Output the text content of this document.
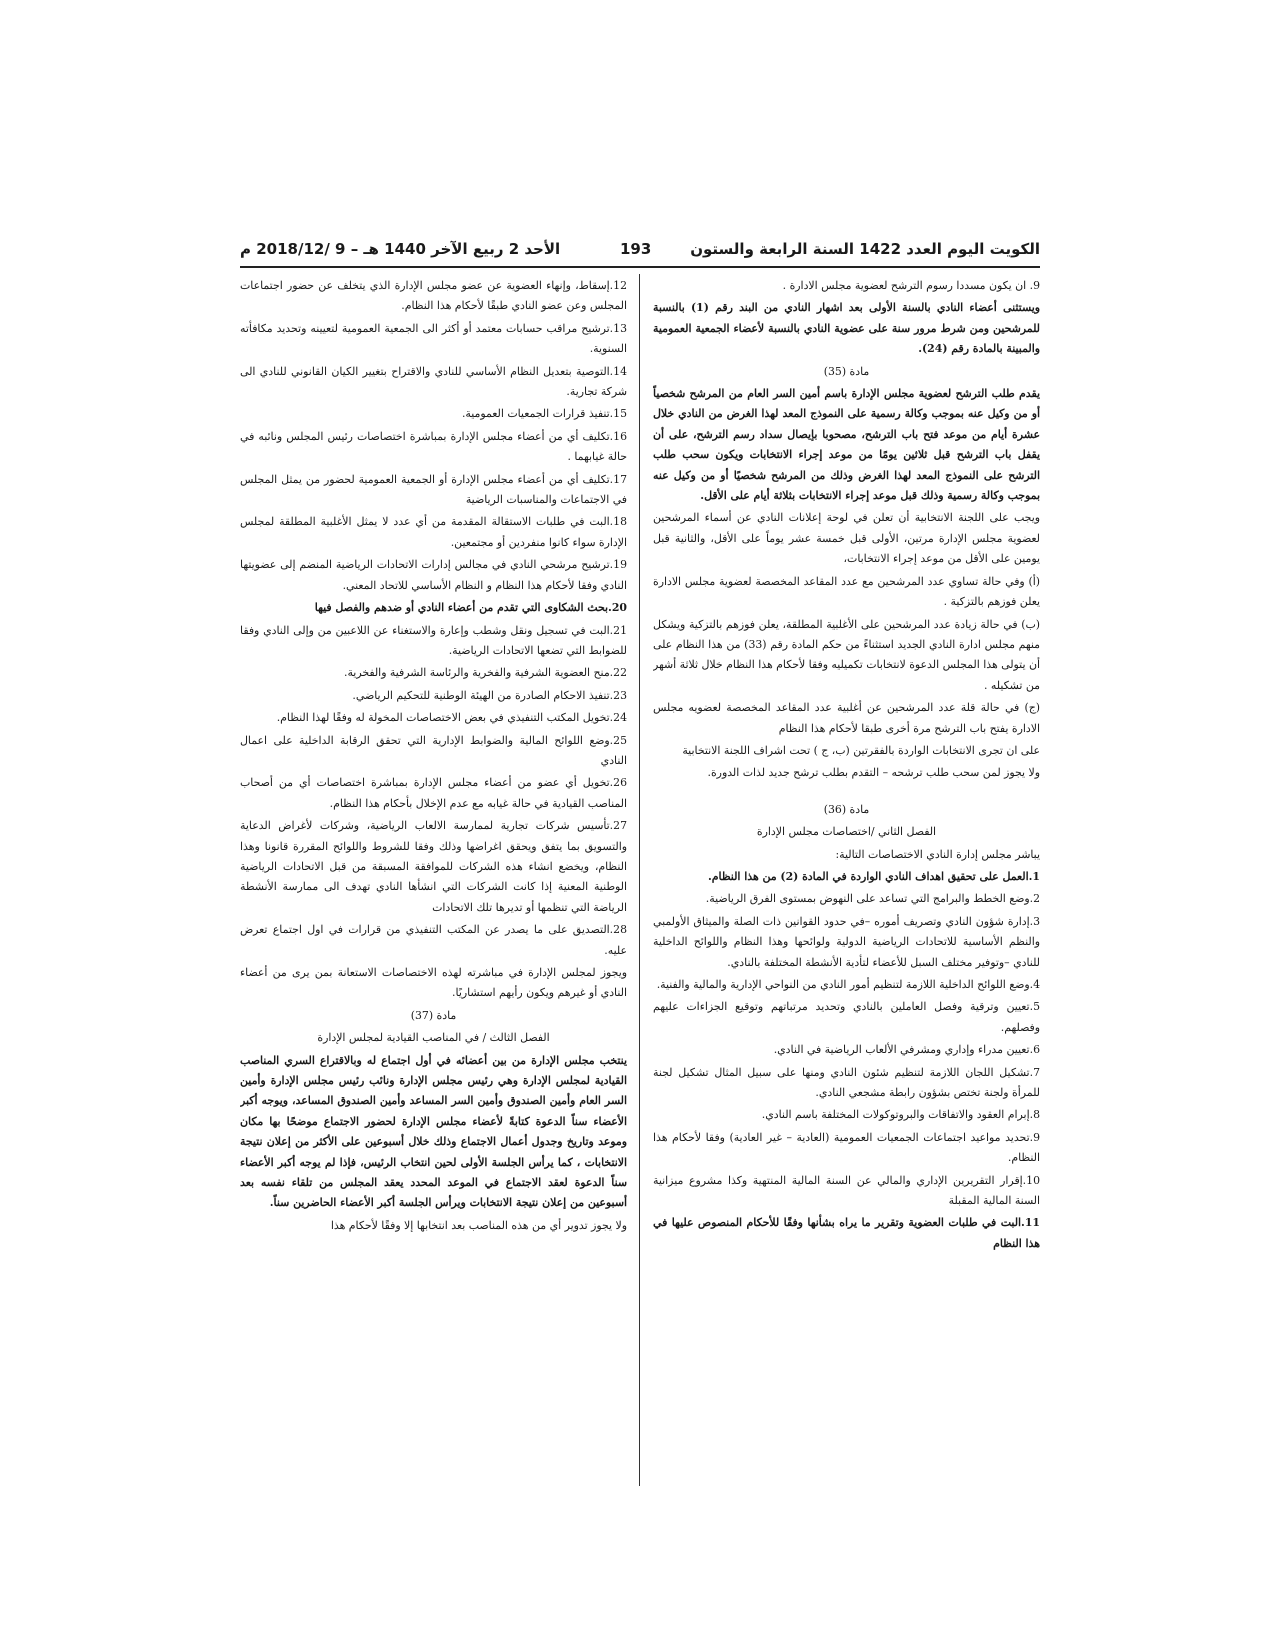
الأحد 2 ربيع الآخر 1440 هـ – 9 /2018/12 م	193	الكويت اليوم العدد 1422 السنة الرابعة والستون

9. ان يكون مسددا رسوم الترشح لعضوية مجلس الادارة .

ويستثنى أعضاء النادي بالسنة الأولى بعد اشهار النادي من البند رقم (1) بالنسبة للمرشحين ومن شرط مرور سنة على عضوية النادي بالنسبة لأعضاء الجمعية العمومية والمبينة بالمادة رقم (24).

مادة (35)

يقدم طلب الترشح لعضوية مجلس الإدارة باسم أمين السر العام من المرشح شخصياً أو من وكيل عنه بموجب وكالة رسمية على النموذج المعد لهذا الغرض من النادي خلال عشرة أيام من موعد فتح باب الترشح، مصحوبا بإيصال سداد رسم الترشح، على أن يقفل باب الترشح قبل ثلاثين يومًا من موعد إجراء الانتخابات ويكون سحب طلب الترشح على النموذج المعد لهذا الغرض وذلك من المرشح شخصيًا أو من وكيل عنه بموجب وكالة رسمية وذلك قبل موعد إجراء الانتخابات بثلاثة أيام على الأقل.

ويجب على اللجنة الانتخابية أن تعلن في لوحة إعلانات النادي عن أسماء المرشحين لعضوية مجلس الإدارة مرتين، الأولى قبل خمسة عشر يوماً على الأقل، والثانية قبل يومين على الأقل من موعد إجراء الانتخابات،

(أ) وفي حالة تساوي عدد المرشحين مع عدد المقاعد المخصصة لعضوية مجلس الادارة يعلن فوزهم بالتزكية .

(ب) في حالة زيادة عدد المرشحين على الأغلبية المطلقة، يعلن فوزهم بالتزكية ويشكل منهم مجلس ادارة النادي الجديد استثناءً من حكم المادة رقم (33) من هذا النظام على أن يتولى هذا المجلس الدعوة لانتخابات تكميليه وفقا لأحكام هذا النظام خلال ثلاثة أشهر من تشكيله .

(ج) في حالة قلة عدد المرشحين عن أغلبية عدد المقاعد المخصصة لعضويه مجلس الادارة يفتح باب الترشح مرة أخرى طبقا لأحكام هذا النظام

على ان تجرى الانتخابات الواردة بالفقرتين (ب، ج ) تحت اشراف اللجنة الانتخابية

ولا يجوز لمن سحب طلب ترشحه – التقدم بطلب ترشح جديد لذات الدورة.

مادة (36)

الفصل الثاني /اختصاصات مجلس الإدارة

يباشر مجلس إدارة النادي الاختصاصات التالية:

1.العمل على تحقيق اهداف النادي الواردة في المادة (2) من هذا النظام.

2.وضع الخطط والبرامج التي تساعد على النهوض بمستوى الفرق الرياضية.

3.إدارة شؤون النادي وتصريف أموره –في حدود القوانين ذات الصلة والميثاق الأولمبي والنظم الأساسية للاتحادات الرياضية الدولية ولوائحها وهذا النظام واللوائح الداخلية للنادي –وتوفير مختلف السبل للأعضاء لتأدية الأنشطة المختلفة بالنادي.

4.وضع اللوائح الداخلية اللازمة لتنظيم أمور النادي من النواحي الإدارية والمالية والفنية.

5.تعيين وترقية وفصل العاملين بالنادي وتحديد مرتباتهم وتوقيع الجزاءات عليهم وفصلهم.

6.تعيين مدراء وإداري ومشرفي الألعاب الرياضية في النادي.

7.تشكيل اللجان اللازمة لتنظيم شئون النادي ومنها على سبيل المثال تشكيل لجنة للمرأة ولجنة تختص بشؤون رابطة مشجعي النادي.

8.إبرام العقود والاتفاقات والبروتوكولات المختلفة باسم النادي.

9.تحديد مواعيد اجتماعات الجمعيات العمومية (العادية – غير العادية) وفقا لأحكام هذا النظام.

10.إقرار التقريرين الإداري والمالي عن السنة المالية المنتهية وكذا مشروع ميزانية السنة المالية المقبلة

11.البت في طلبات العضوية وتقرير ما يراه بشأنها وفقًا للأحكام المنصوص عليها في هذا النظام

12.إسقاط، وإنهاء العضوية عن عضو مجلس الإدارة الذي يتخلف عن حضور اجتماعات المجلس وعن عضو النادي طبقًا لأحكام هذا النظام.

13.ترشيح مراقب حسابات معتمد أو أكثر الى الجمعية العمومية لتعيينه وتحديد مكافأته السنوية.

14.التوصية بتعديل النظام الأساسي للنادي والاقتراح بتغيير الكيان القانوني للنادي الى شركة تجارية.

15.تنفيذ قرارات الجمعيات العمومية.

16.تكليف أي من أعضاء مجلس الإدارة بمباشرة اختصاصات رئيس المجلس ونائبه في حالة غيابهما .

17.تكليف أي من أعضاء مجلس الإدارة أو الجمعية العمومية لحضور من يمثل المجلس في الاجتماعات والمناسبات الرياضية

18.البت في طلبات الاستقالة المقدمة من أي عدد لا يمثل الأغلبية المطلقة لمجلس الإدارة سواء كانوا منفردين أو مجتمعين.

19.ترشيح مرشحي النادي في مجالس إدارات الاتحادات الرياضية المنضم إلى عضويتها النادي وفقا لأحكام هذا النظام و النظام الأساسي للاتحاد المعني.

20.بحث الشكاوى التي تقدم من أعضاء النادي أو ضدهم والفصل فيها

21.البت في تسجيل ونقل وشطب وإعارة والاستغناء عن اللاعبين من وإلى النادي وفقا للضوابط التي تضعها الاتحادات الرياضية.

22.منح العضوية الشرفية والفخرية والرئاسة الشرفية والفخرية.

23.تنفيذ الاحكام الصادرة من الهيئة الوطنية للتحكيم الرياضي.

24.تخويل المكتب التنفيذي في بعض الاختصاصات المخولة له وفقًا لهذا النظام.

25.وضع اللوائح المالية والضوابط الإدارية التي تحقق الرقابة الداخلية على اعمال النادي

26.تخويل أي عضو من أعضاء مجلس الإدارة بمباشرة اختصاصات أي من أصحاب المناصب القيادية في حالة غيابه مع عدم الإخلال بأحكام هذا النظام.

27.تأسيس شركات تجارية لممارسة الالعاب الرياضية، وشركات لأغراض الدعاية والتسويق بما يتفق ويحقق اغراضها وذلك وفقا للشروط واللوائح المقررة قانونا وهذا النظام، ويخضع انشاء هذه الشركات للموافقة المسبقة من قبل الاتحادات الرياضية الوطنية المعنية إذا كانت الشركات التي انشأها النادي تهدف الى ممارسة الأنشطة الرياضة التي تنظمها أو تديرها تلك الاتحادات

28.التصديق على ما يصدر عن المكتب التنفيذي من قرارات في اول اجتماع تعرض عليه.

ويجوز لمجلس الإدارة في مباشرته لهذه الاختصاصات الاستعانة بمن يرى من أعضاء النادي أو غيرهم ويكون رأيهم استشاريًا.

مادة (37)

الفصل الثالث / في المناصب القيادية لمجلس الإدارة

ينتخب مجلس الإدارة من بين أعضائه في أول اجتماع له وبالاقتراع السري المناصب القيادية لمجلس الإدارة وهي رئيس مجلس الإدارة ونائب رئيس مجلس الإدارة وأمين السر العام وأمين الصندوق وأمين السر المساعد وأمين الصندوق المساعد، ويوجه أكبر الأعضاء سناً الدعوة كتابةً لأعضاء مجلس الإدارة لحضور الاجتماع موضحًا بها مكان وموعد وتاريخ وجدول أعمال الاجتماع وذلك خلال أسبوعين على الأكثر من إعلان نتيجة الانتخابات ، كما يرأس الجلسة الأولى لحين انتخاب الرئيس، فإذا لم يوجه أكبر الأعضاء سناً الدعوة لعقد الاجتماع في الموعد المحدد يعقد المجلس من تلقاء نفسه بعد أسبوعين من إعلان نتيجة الانتخابات ويرأس الجلسة أكبر الأعضاء الحاضرين سناً.

ولا يجوز تدوير أي من هذه المناصب بعد انتخابها إلا وفقًا لأحكام هذا
